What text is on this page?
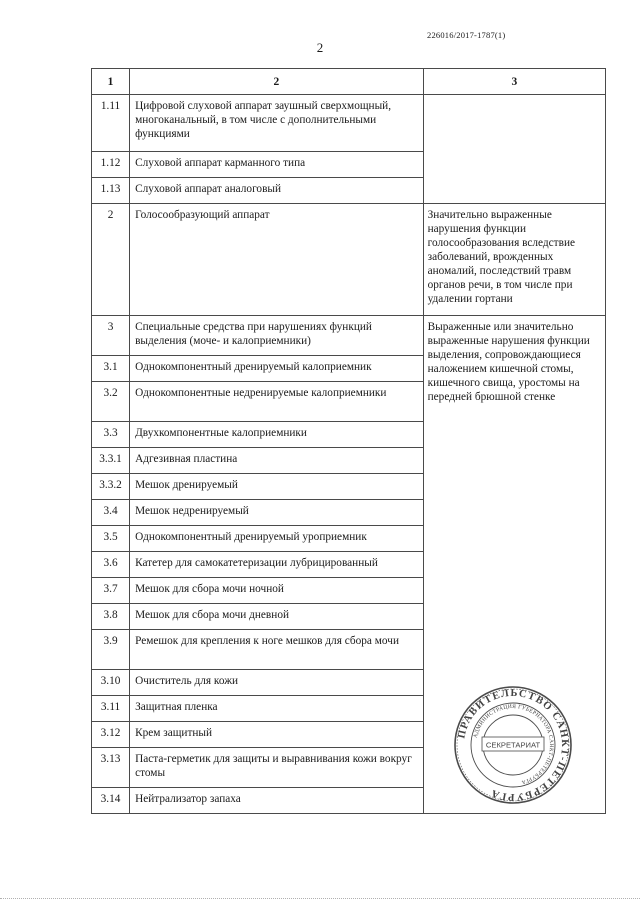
226016/2017-1787(1)
2
1	2	3

1.11	Цифровой слуховой аппарат заушный сверхмощный, многоканальный, в том числе с дополнительными функциями	

1.12	Слуховой аппарат карманного типа	

1.13	Слуховой аппарат аналоговый	

2	Голосообразующий аппарат	Значительно выраженные нарушения функции голосообразования вследствие заболеваний, врожденных аномалий, последствий травм органов речи, в том числе при удалении гортани

3	Специальные средства при нарушениях функций выделения (моче- и калоприемники)	Выраженные или значительно выраженные нарушения функции выделения, сопровождающиеся наложением кишечной стомы, кишечного свища, уростомы на передней брюшной стенке

3.1	Однокомпонентный дренируемый калоприемник	

3.2	Однокомпонентные недренируемые калоприемники	

3.3	Двухкомпонентные калоприемники	

3.3.1	Адгезивная пластина	

3.3.2	Мешок дренируемый	

3.4	Мешок недренируемый	

3.5	Однокомпонентный дренируемый уроприемник	

3.6	Катетер для самокатетеризации лубрицированный	

3.7	Мешок для сбора мочи ночной	

3.8	Мешок для сбора мочи дневной	

3.9	Ремешок для крепления к ноге мешков для сбора мочи	

3.10	Очиститель для кожи	

3.11	Защитная пленка	

3.12	Крем защитный	

3.13	Паста-герметик для защиты и выравнивания кожи вокруг стомы	

3.14	Нейтрализатор запаха	
ПРАВИТЕЛЬСТВО САНКТ-ПЕТЕРБУРГА
АДМИНИСТРАЦИЯ ГУБЕРНАТОРА САНКТ-ПЕТЕРБУРГА
СЕКРЕТАРИАТ
